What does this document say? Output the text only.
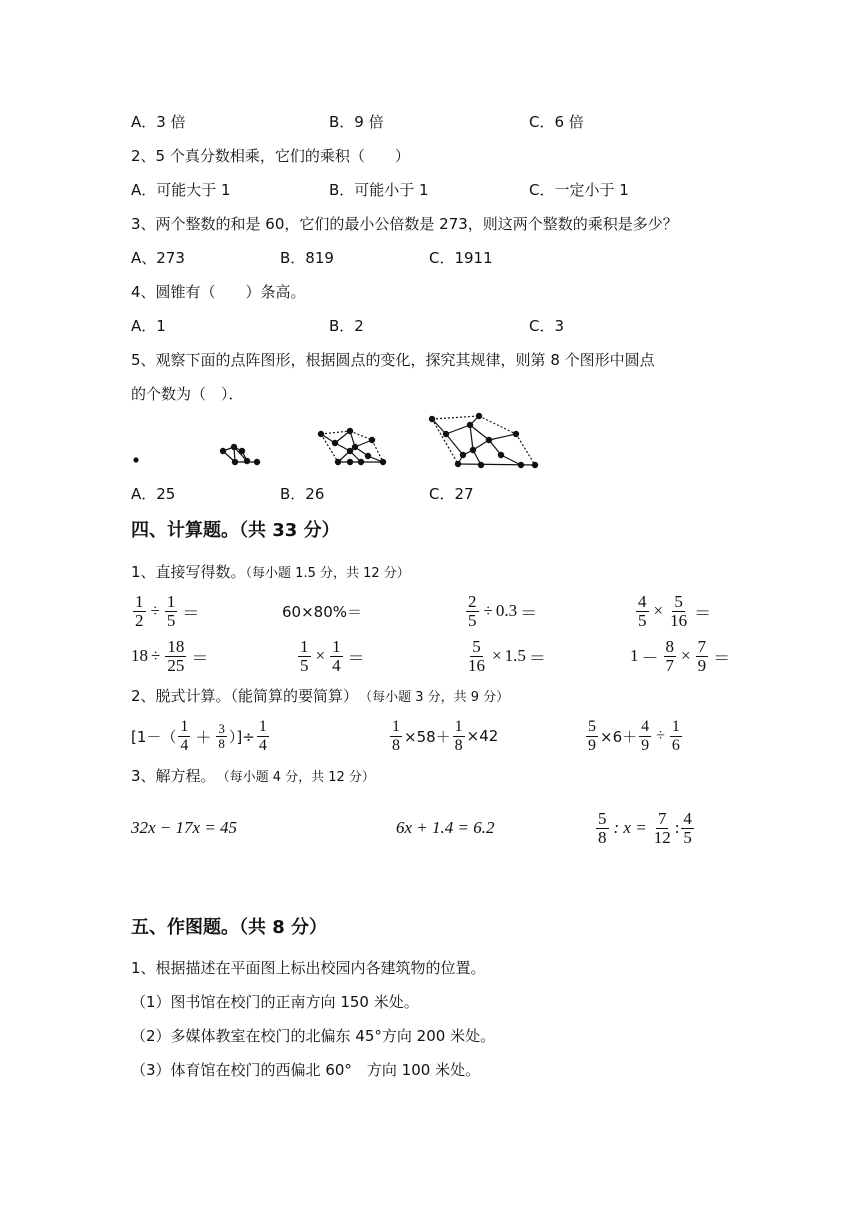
A．3 倍	B．9 倍	C．6 倍
2、5 个真分数相乘，它们的乘积（　　）
A．可能大于 1	B．可能小于 1	C．一定小于 1
3、两个整数的和是 60，它们的最小公倍数是 273，则这两个整数的乘积是多少？
A、273	B．819	C．1911
4、圆锥有（　　）条高。
A．1	B．2	C．3
5、观察下面的点阵图形，根据圆点的变化，探究其规律，则第 8 个图形中圆点
的个数为（　）．
A．25	B．26	C．27
四、计算题。（共 33 分）
1、直接写得数。（每小题 1.5 分，共 12 分）
$\frac{1}{2} \div \frac{1}{5}$ ＝	60×80%＝	$\frac{2}{5} \div 0.3$ ＝	$\frac{4}{5} \times \frac{5}{16}$ ＝
$18 \div \frac{18}{25}$ ＝	$\frac{1}{5} \times \frac{1}{4}$ ＝	$\frac{5}{16} \times 1.5$ ＝	$1 - \frac{8}{7} \times \frac{7}{9}$ ＝
2、脱式计算。（能简算的要简算）　 （每小题 3 分，共 9 分）
[$1-( \frac{1}{4} + \frac{3}{8}$ ）]÷ $\frac{1}{4}$	$\frac{1}{8} \times 58+ \frac{1}{8} \times 42$	$\frac{5}{9} \times 6+ \frac{4}{9} \div \frac{1}{6}$
3、解方程。　 （每小题 4 分，共 12 分）
32x − 17x = 45	6x + 1.4 = 6.2	$\frac{5}{8}$ : $x = \frac{7}{12}$ : $\frac{4}{5}$
五、作图题。（共 8 分）
1、根据描述在平面图上标出校园内各建筑物的位置。
（1）图书馆在校门的正南方向 150 米处。
（2）多媒体教室在校门的北偏东 45°方向 200 米处。
（3）体育馆在校门的西偏北 60°　方向 100 米处。
